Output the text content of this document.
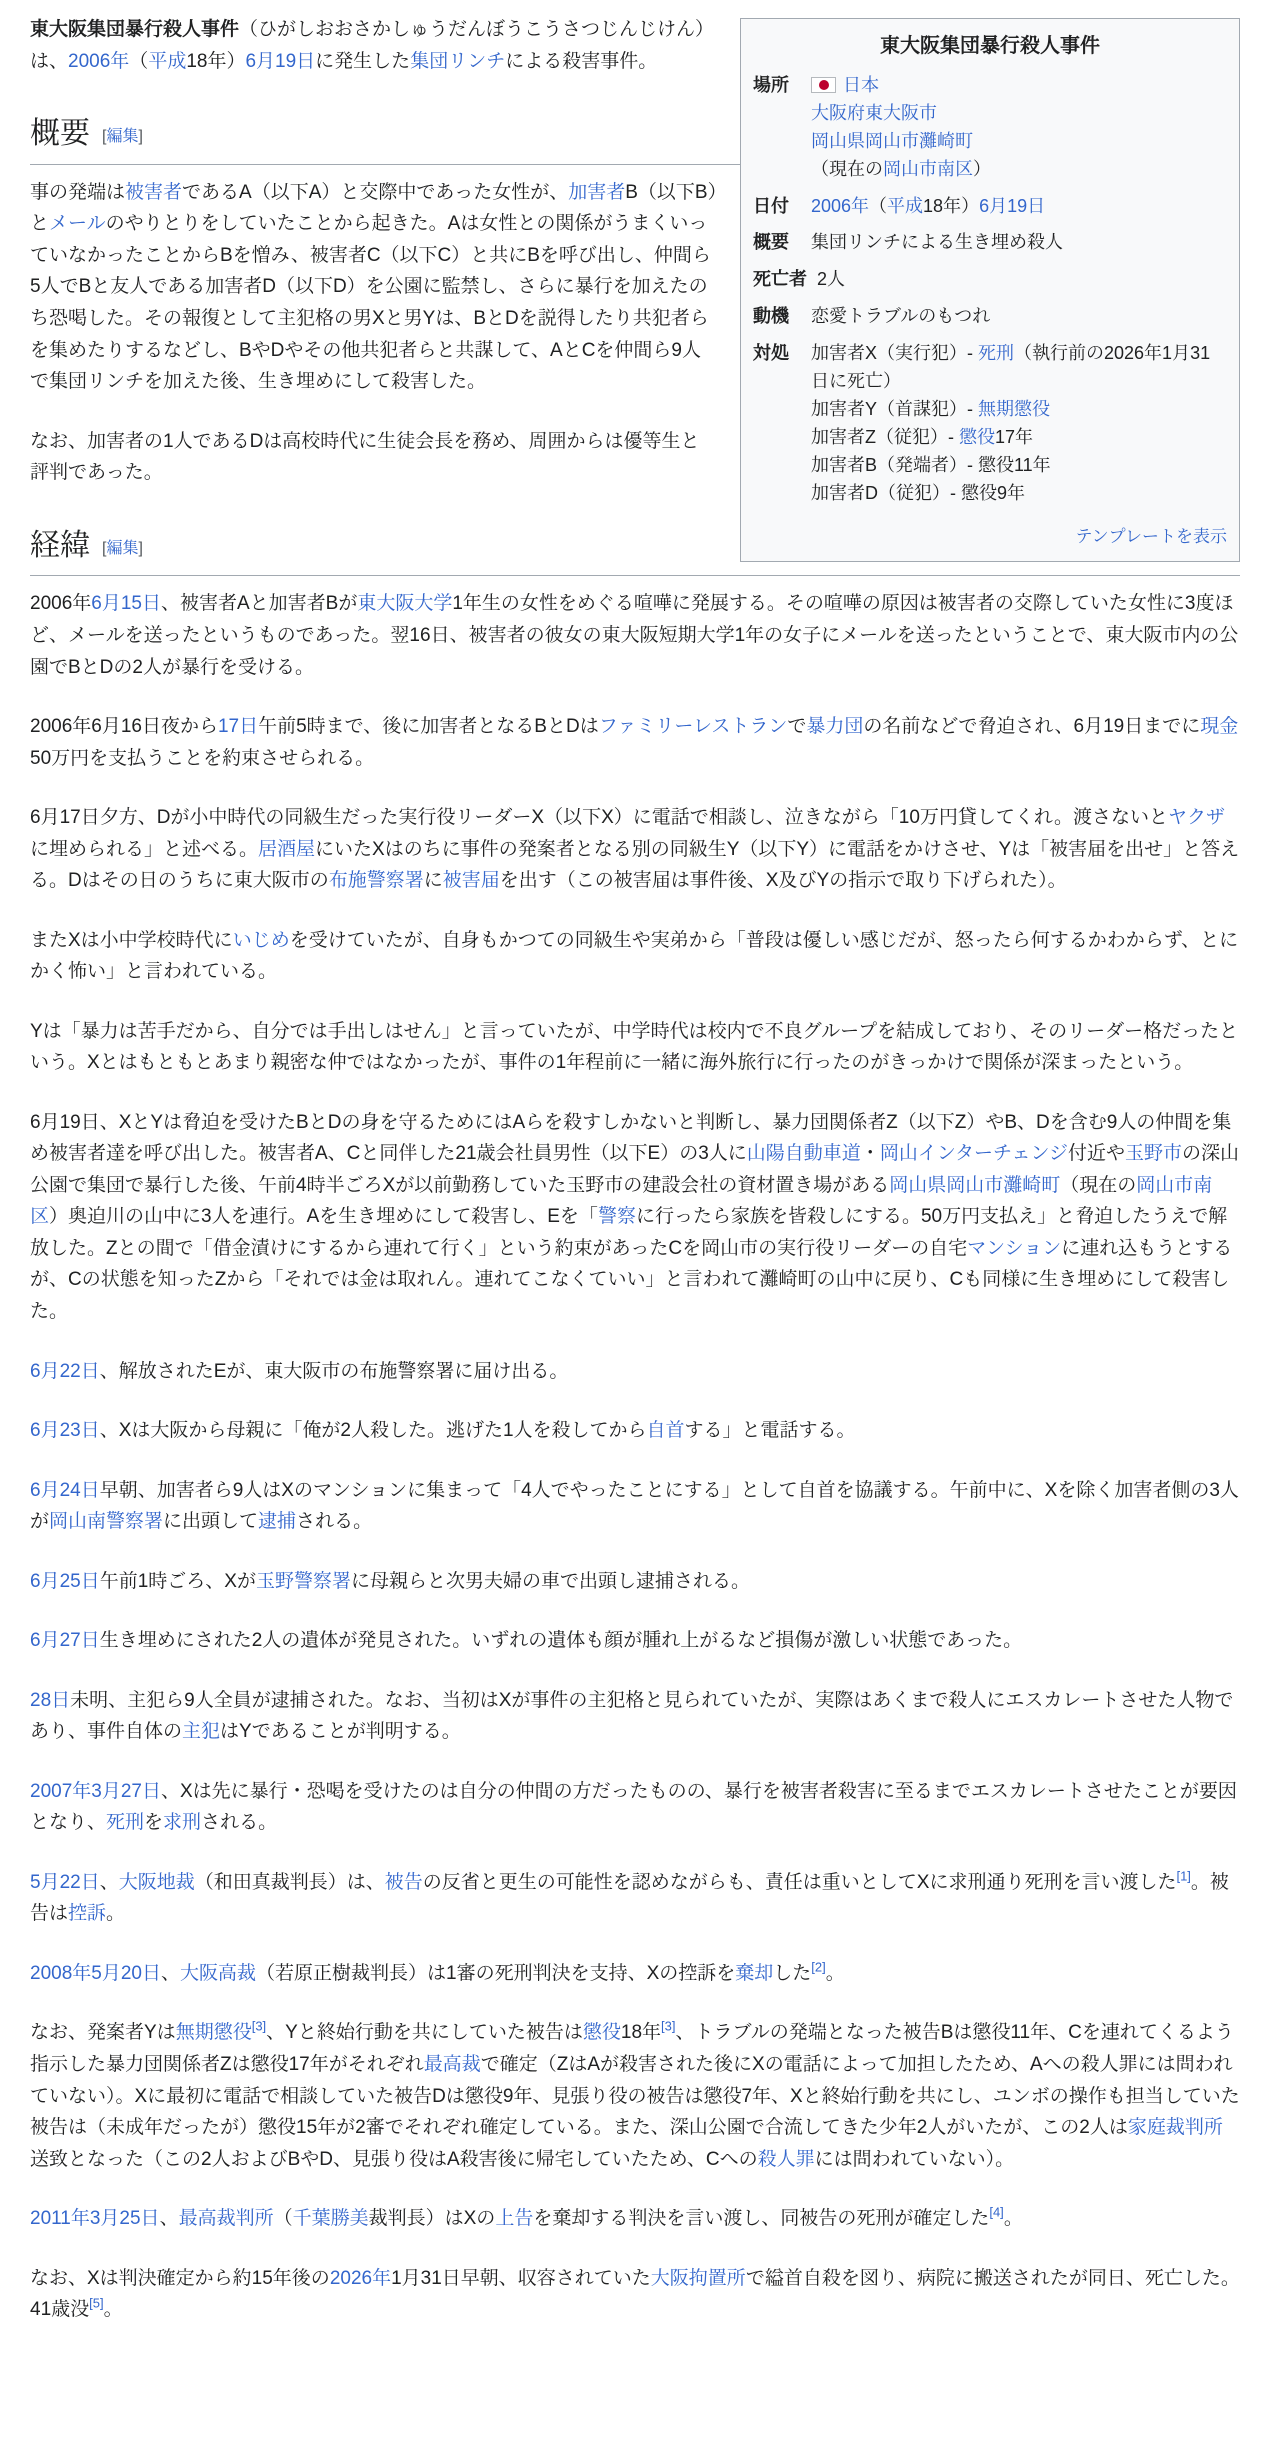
東大阪集団暴行殺人事件
場所	日本
大阪府東大阪市
岡山県岡山市灘崎町
（現在の岡山市南区）
日付	2006年（平成18年）6月19日
概要	集団リンチによる生き埋め殺人
死亡者 2人
動機	恋愛トラブルのもつれ
対処	加害者X（実行犯）- 死刑（執行前の2026年1月31日に死亡）
加害者Y（首謀犯）- 無期懲役
加害者Z（従犯）- 懲役17年
加害者B（発端者）- 懲役11年
加害者D（従犯）- 懲役9年
テンプレートを表示

東大阪集団暴行殺人事件（ひがしおおさかしゅうだんぼうこうさつじんじけん）は、2006年（平成18年）6月19日に発生した集団リンチによる殺害事件。

概要 [編集]

事の発端は被害者であるA（以下A）と交際中であった女性が、加害者B（以下B）とメールのやりとりをしていたことから起きた。Aは女性との関係がうまくいっていなかったことからBを憎み、被害者C（以下C）と共にBを呼び出し、仲間ら5人でBと友人である加害者D（以下D）を公園に監禁し、さらに暴行を加えたのち恐喝した。その報復として主犯格の男Xと男Yは、BとDを説得したり共犯者らを集めたりするなどし、BやDやその他共犯者らと共謀して、AとCを仲間ら9人で集団リンチを加えた後、生き埋めにして殺害した。

なお、加害者の1人であるDは高校時代に生徒会長を務め、周囲からは優等生と評判であった。

経緯 [編集]

2006年6月15日、被害者Aと加害者Bが東大阪大学1年生の女性をめぐる喧嘩に発展する。その喧嘩の原因は被害者の交際していた女性に3度ほど、メールを送ったというものであった。翌16日、被害者の彼女の東大阪短期大学1年の女子にメールを送ったということで、東大阪市内の公園でBとDの2人が暴行を受ける。

2006年6月16日夜から17日午前5時まで、後に加害者となるBとDはファミリーレストランで暴力団の名前などで脅迫され、6月19日までに現金50万円を支払うことを約束させられる。

6月17日夕方、Dが小中時代の同級生だった実行役リーダーX（以下X）に電話で相談し、泣きながら「10万円貸してくれ。渡さないとヤクザに埋められる」と述べる。居酒屋にいたXはのちに事件の発案者となる別の同級生Y（以下Y）に電話をかけさせ、Yは「被害届を出せ」と答える。Dはその日のうちに東大阪市の布施警察署に被害届を出す（この被害届は事件後、X及びYの指示で取り下げられた）。

またXは小中学校時代にいじめを受けていたが、自身もかつての同級生や実弟から「普段は優しい感じだが、怒ったら何するかわからず、とにかく怖い」と言われている。

Yは「暴力は苦手だから、自分では手出しはせん」と言っていたが、中学時代は校内で不良グループを結成しており、そのリーダー格だったという。Xとはもともとあまり親密な仲ではなかったが、事件の1年程前に一緒に海外旅行に行ったのがきっかけで関係が深まったという。

6月19日、XとYは脅迫を受けたBとDの身を守るためにはAらを殺すしかないと判断し、暴力団関係者Z（以下Z）やB、Dを含む9人の仲間を集め被害者達を呼び出した。被害者A、Cと同伴した21歳会社員男性（以下E）の3人に山陽自動車道・岡山インターチェンジ付近や玉野市の深山公園で集団で暴行した後、午前4時半ごろXが以前勤務していた玉野市の建設会社の資材置き場がある岡山県岡山市灘崎町（現在の岡山市南区）奥迫川の山中に3人を連行。Aを生き埋めにして殺害し、Eを「警察に行ったら家族を皆殺しにする。50万円支払え」と脅迫したうえで解放した。Zとの間で「借金漬けにするから連れて行く」という約束があったCを岡山市の実行役リーダーの自宅マンションに連れ込もうとするが、Cの状態を知ったZから「それでは金は取れん。連れてこなくていい」と言われて灘崎町の山中に戻り、Cも同様に生き埋めにして殺害した。

6月22日、解放されたEが、東大阪市の布施警察署に届け出る。

6月23日、Xは大阪から母親に「俺が2人殺した。逃げた1人を殺してから自首する」と電話する。

6月24日早朝、加害者ら9人はXのマンションに集まって「4人でやったことにする」として自首を協議する。午前中に、Xを除く加害者側の3人が岡山南警察署に出頭して逮捕される。

6月25日午前1時ごろ、Xが玉野警察署に母親らと次男夫婦の車で出頭し逮捕される。

6月27日生き埋めにされた2人の遺体が発見された。いずれの遺体も顔が腫れ上がるなど損傷が激しい状態であった。

28日未明、主犯ら9人全員が逮捕された。なお、当初はXが事件の主犯格と見られていたが、実際はあくまで殺人にエスカレートさせた人物であり、事件自体の主犯はYであることが判明する。

2007年3月27日、Xは先に暴行・恐喝を受けたのは自分の仲間の方だったものの、暴行を被害者殺害に至るまでエスカレートさせたことが要因となり、死刑を求刑される。

5月22日、大阪地裁（和田真裁判長）は、被告の反省と更生の可能性を認めながらも、責任は重いとしてXに求刑通り死刑を言い渡した[1]。被告は控訴。

2008年5月20日、大阪高裁（若原正樹裁判長）は1審の死刑判決を支持、Xの控訴を棄却した[2]。

なお、発案者Yは無期懲役[3]、Yと終始行動を共にしていた被告は懲役18年[3]、トラブルの発端となった被告Bは懲役11年、Cを連れてくるよう指示した暴力団関係者Zは懲役17年がそれぞれ最高裁で確定（ZはAが殺害された後にXの電話によって加担したため、Aへの殺人罪には問われていない）。Xに最初に電話で相談していた被告Dは懲役9年、見張り役の被告は懲役7年、Xと終始行動を共にし、ユンボの操作も担当していた被告は（未成年だったが）懲役15年が2審でそれぞれ確定している。また、深山公園で合流してきた少年2人がいたが、この2人は家庭裁判所送致となった（この2人およびBやD、見張り役はA殺害後に帰宅していたため、Cへの殺人罪には問われていない）。

2011年3月25日、最高裁判所（千葉勝美裁判長）はXの上告を棄却する判決を言い渡し、同被告の死刑が確定した[4]。

なお、Xは判決確定から約15年後の2026年1月31日早朝、収容されていた大阪拘置所で縊首自殺を図り、病院に搬送されたが同日、死亡した。41歳没[5]。
